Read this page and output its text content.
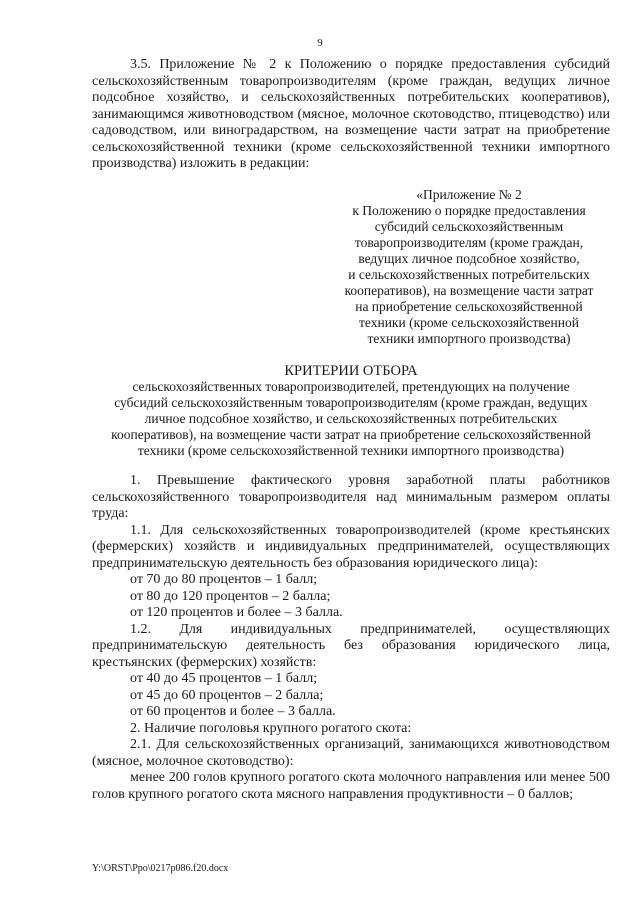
9

3.5. Приложение № 2 к Положению о порядке предоставления субсидий сельскохозяйственным товаропроизводителям (кроме граждан, ведущих личное подсобное хозяйство, и сельскохозяйственных потребительских кооперативов), занимающимся животноводством (мясное, молочное скотоводство, птицеводство) или садоводством, или виноградарством, на возмещение части затрат на приобретение сельскохозяйственной техники (кроме сельскохозяйственной техники импортного производства) изложить в редакции:

«Приложение № 2
к Положению о порядке предоставления
субсидий сельскохозяйственным
товаропроизводителям (кроме граждан,
ведущих личное подсобное хозяйство,
и сельскохозяйственных потребительских
кооперативов), на возмещение части затрат
на приобретение сельскохозяйственной
техники (кроме сельскохозяйственной
техники импортного производства)
КРИТЕРИИ ОТБОРА
сельскохозяйственных товаропроизводителей, претендующих на получение субсидий сельскохозяйственным товаропроизводителям (кроме граждан, ведущих личное подсобное хозяйство, и сельскохозяйственных потребительских кооперативов), на возмещение части затрат на приобретение сельскохозяйственной техники (кроме сельскохозяйственной техники импортного производства)

1. Превышение фактического уровня заработной платы работников сельскохозяйственного товаропроизводителя над минимальным размером оплаты труда:

1.1. Для сельскохозяйственных товаропроизводителей (кроме крестьянских (фермерских) хозяйств и индивидуальных предпринимателей, осуществляющих предпринимательскую деятельность без образования юридического лица):

от 70 до 80 процентов – 1 балл;

от 80 до 120 процентов – 2 балла;

от 120 процентов и более – 3 балла.

1.2. Для индивидуальных предпринимателей, осуществляющих предпринимательскую деятельность без образования юридического лица, крестьянских (фермерских) хозяйств:

от 40 до 45 процентов – 1 балл;

от 45 до 60 процентов – 2 балла;

от 60 процентов и более – 3 балла.

2. Наличие поголовья крупного рогатого скота:

2.1. Для сельскохозяйственных организаций, занимающихся животноводством (мясное, молочное скотоводство):

менее 200 голов крупного рогатого скота молочного направления или менее 500 голов крупного рогатого скота мясного направления продуктивности – 0 баллов;

Y:\ORST\Ppo\0217p086.f20.docx
